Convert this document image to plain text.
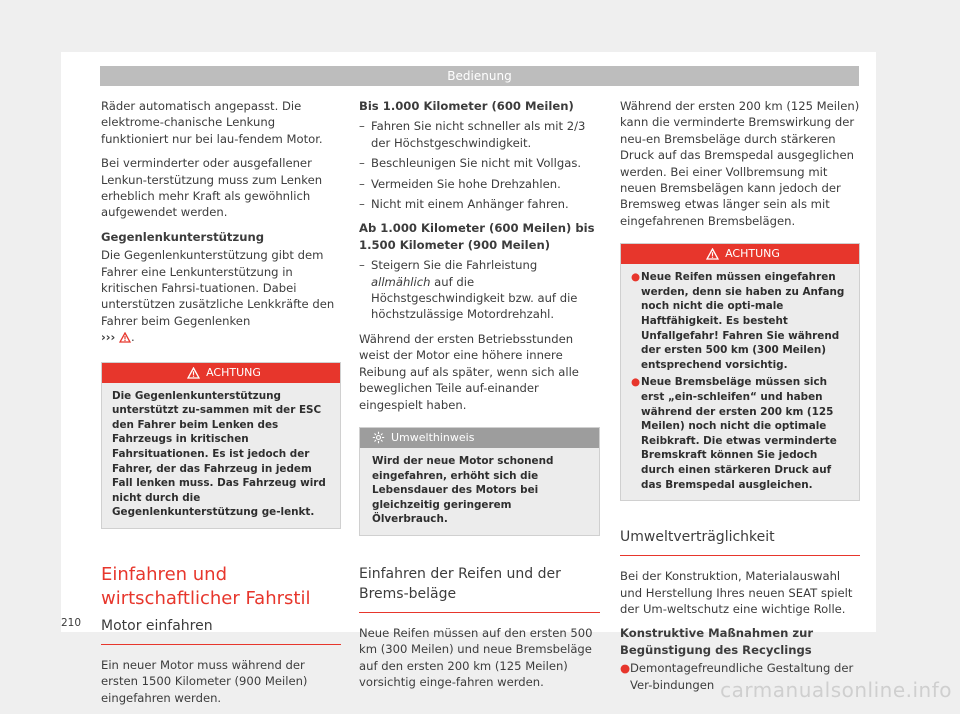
Bedienung

Räder automatisch angepasst. Die elektrome-chanische Lenkung funktioniert nur bei lau-fendem Motor.

Bei verminderter oder ausgefallener Lenkun-terstützung muss zum Lenken erheblich mehr Kraft als gewöhnlich aufgewendet werden.

Gegenlenkunterstützung

Die Gegenlenkunterstützung gibt dem Fahrer eine Lenkunterstützung in kritischen Fahrsi-tuationen. Dabei unterstützen zusätzliche Lenkkräfte den Fahrer beim Gegenlenken
››› .

ACHTUNG
Die Gegenlenkunterstützung unterstützt zu-sammen mit der ESC den Fahrer beim Lenken des Fahrzeugs in kritischen Fahrsituationen. Es ist jedoch der Fahrer, der das Fahrzeug in jedem Fall lenken muss. Das Fahrzeug wird nicht durch die Gegenlenkunterstützung ge-lenkt.
Einfahren und wirtschaftlicher Fahrstil
Motor einfahren

Ein neuer Motor muss während der ersten 1500 Kilometer (900 Meilen) eingefahren werden.

Bis 1.000 Kilometer (600 Meilen)

– Fahren Sie nicht schneller als mit 2/3 der Höchstgeschwindigkeit.
– Beschleunigen Sie nicht mit Vollgas.
– Vermeiden Sie hohe Drehzahlen.
– Nicht mit einem Anhänger fahren.

Ab 1.000 Kilometer (600 Meilen) bis 1.500 Kilometer (900 Meilen)

– Steigern Sie die Fahrleistung allmählich auf die Höchstgeschwindigkeit bzw. auf die höchstzulässige Motordrehzahl.

Während der ersten Betriebsstunden weist der Motor eine höhere innere Reibung auf als später, wenn sich alle beweglichen Teile auf-einander eingespielt haben.

Umwelthinweis
Wird der neue Motor schonend eingefahren, erhöht sich die Lebensdauer des Motors bei gleichzeitig geringerem Ölverbrauch.
Einfahren der Reifen und der Brems-beläge

Neue Reifen müssen auf den ersten 500 km (300 Meilen) und neue Bremsbeläge auf den ersten 200 km (125 Meilen) vorsichtig einge-fahren werden.

Während der ersten 200 km (125 Meilen) kann die verminderte Bremswirkung der neu-en Bremsbeläge durch stärkeren Druck auf das Bremspedal ausgeglichen werden. Bei einer Vollbremsung mit neuen Bremsbelägen kann jedoch der Bremsweg etwas länger sein als mit eingefahrenen Bremsbelägen.

ACHTUNG
● Neue Reifen müssen eingefahren werden, denn sie haben zu Anfang noch nicht die opti-male Haftfähigkeit. Es besteht Unfallgefahr! Fahren Sie während der ersten 500 km (300 Meilen) entsprechend vorsichtig.
● Neue Bremsbeläge müssen sich erst „ein-schleifen“ und haben während der ersten 200 km (125 Meilen) noch nicht die optimale Reibkraft. Die etwas verminderte Bremskraft können Sie jedoch durch einen stärkeren Druck auf das Bremspedal ausgleichen.
Umweltverträglichkeit

Bei der Konstruktion, Materialauswahl und Herstellung Ihres neuen SEAT spielt der Um-weltschutz eine wichtige Rolle.

Konstruktive Maßnahmen zur Begünstigung des Recyclings

● Demontagefreundliche Gestaltung der Ver-bindungen

210
carmanualsonline.info
